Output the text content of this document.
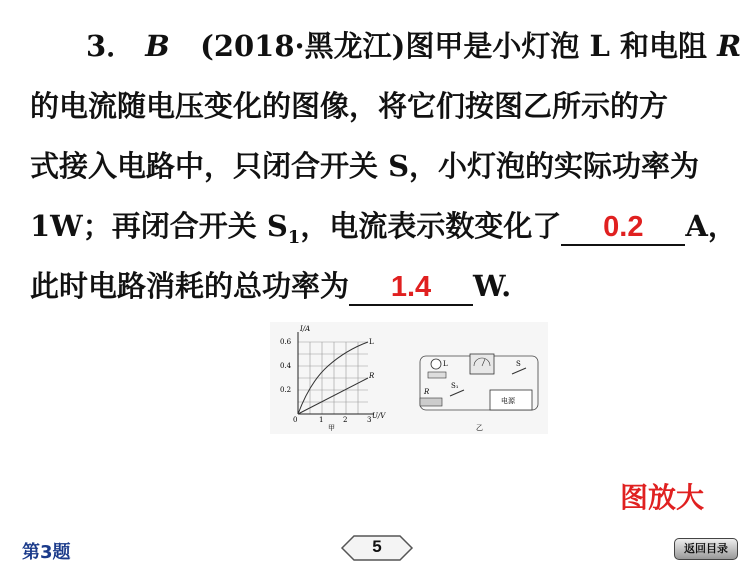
3． B (2018·黑龙江)图甲是小灯泡 L 和电阻 R
的电流随电压变化的图像，将它们按图乙所示的方
式接入电路中，只闭合开关 S，小灯泡的实际功率为
1W；再闭合开关 $S_1$，电流表示数变化了 0.2 A，
此时电路消耗的总功率为 1.4 W.
I/A
U/V
0.6
0.4
0.2
0	1	2	3
L
R
甲
L	S
S₁
R
电源
乙
图放大
第3题	5	返回目录
